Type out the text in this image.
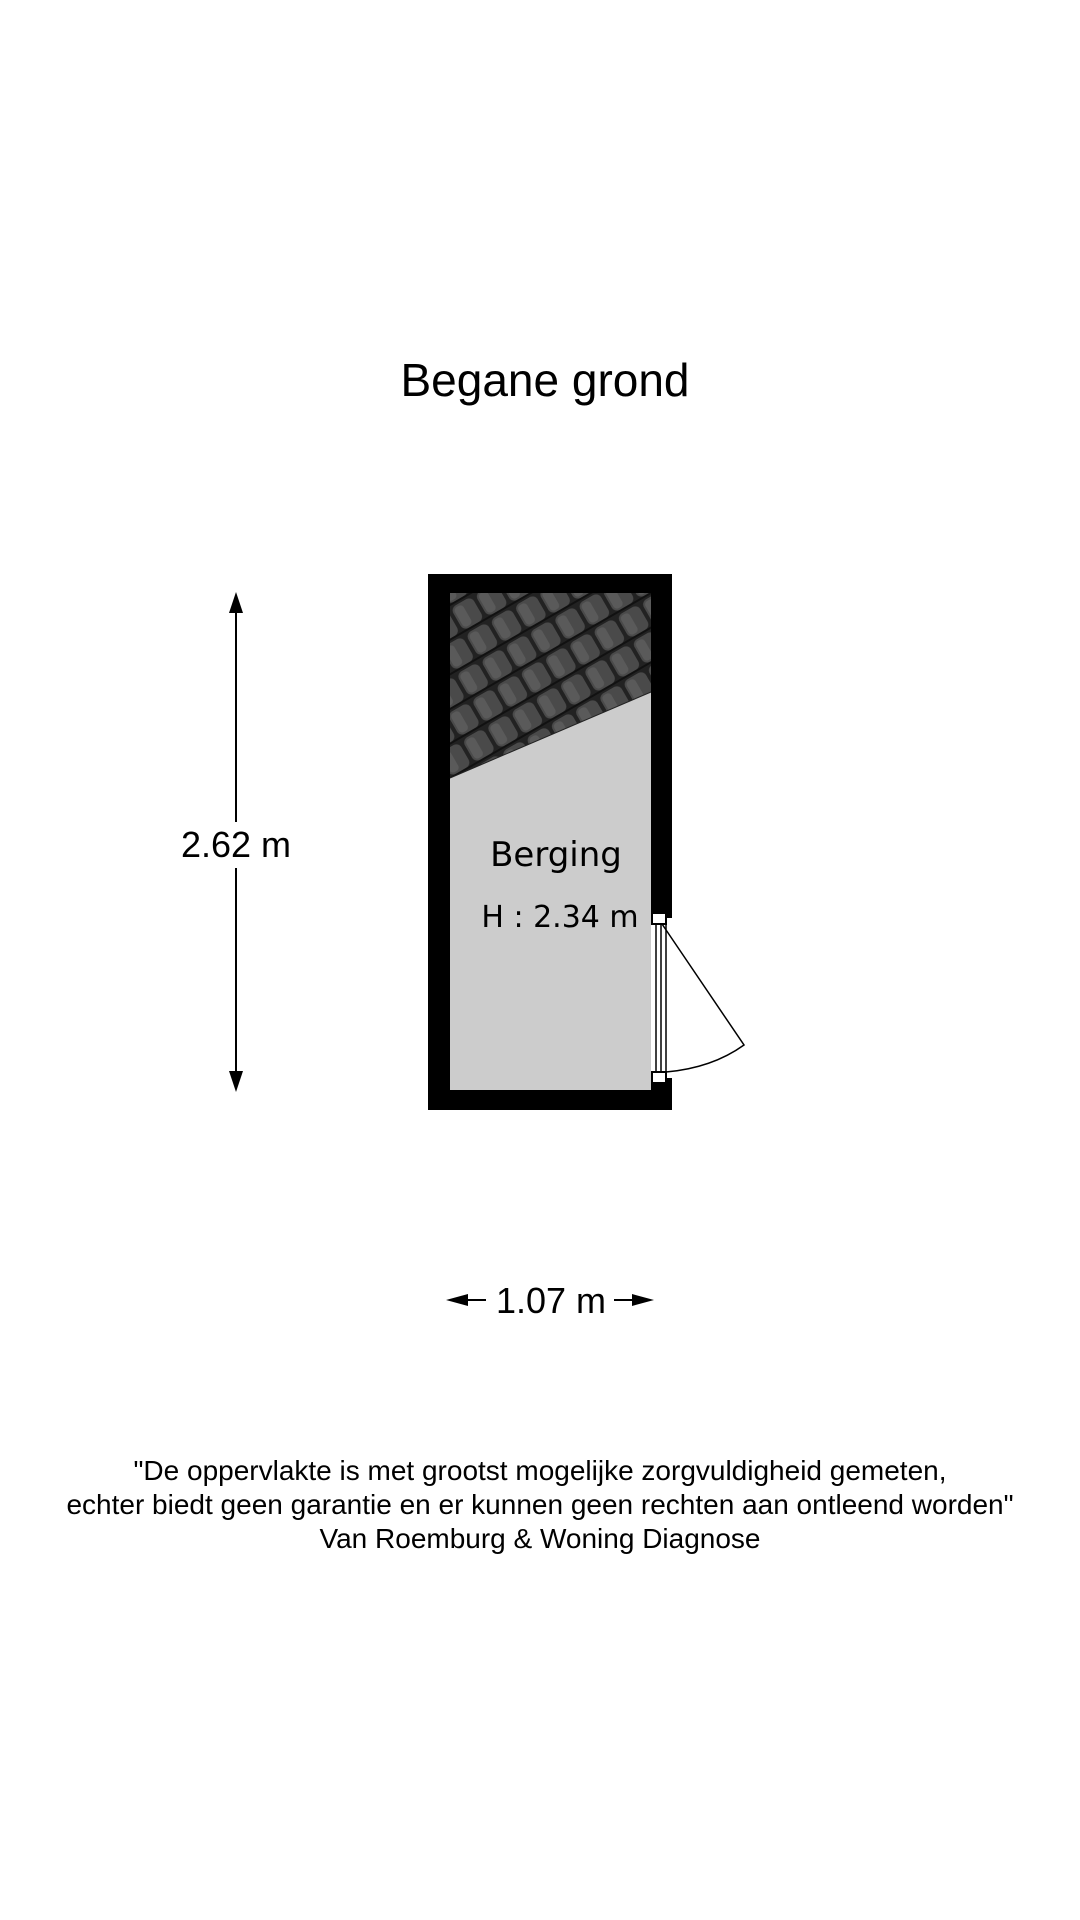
Begane grond
Berging
H : 2.34 m
2.62 m
1.07 m
"De oppervlakte is met grootst mogelijke zorgvuldigheid gemeten,
echter biedt geen garantie en er kunnen geen rechten aan ontleend worden"
Van Roemburg & Woning Diagnose
